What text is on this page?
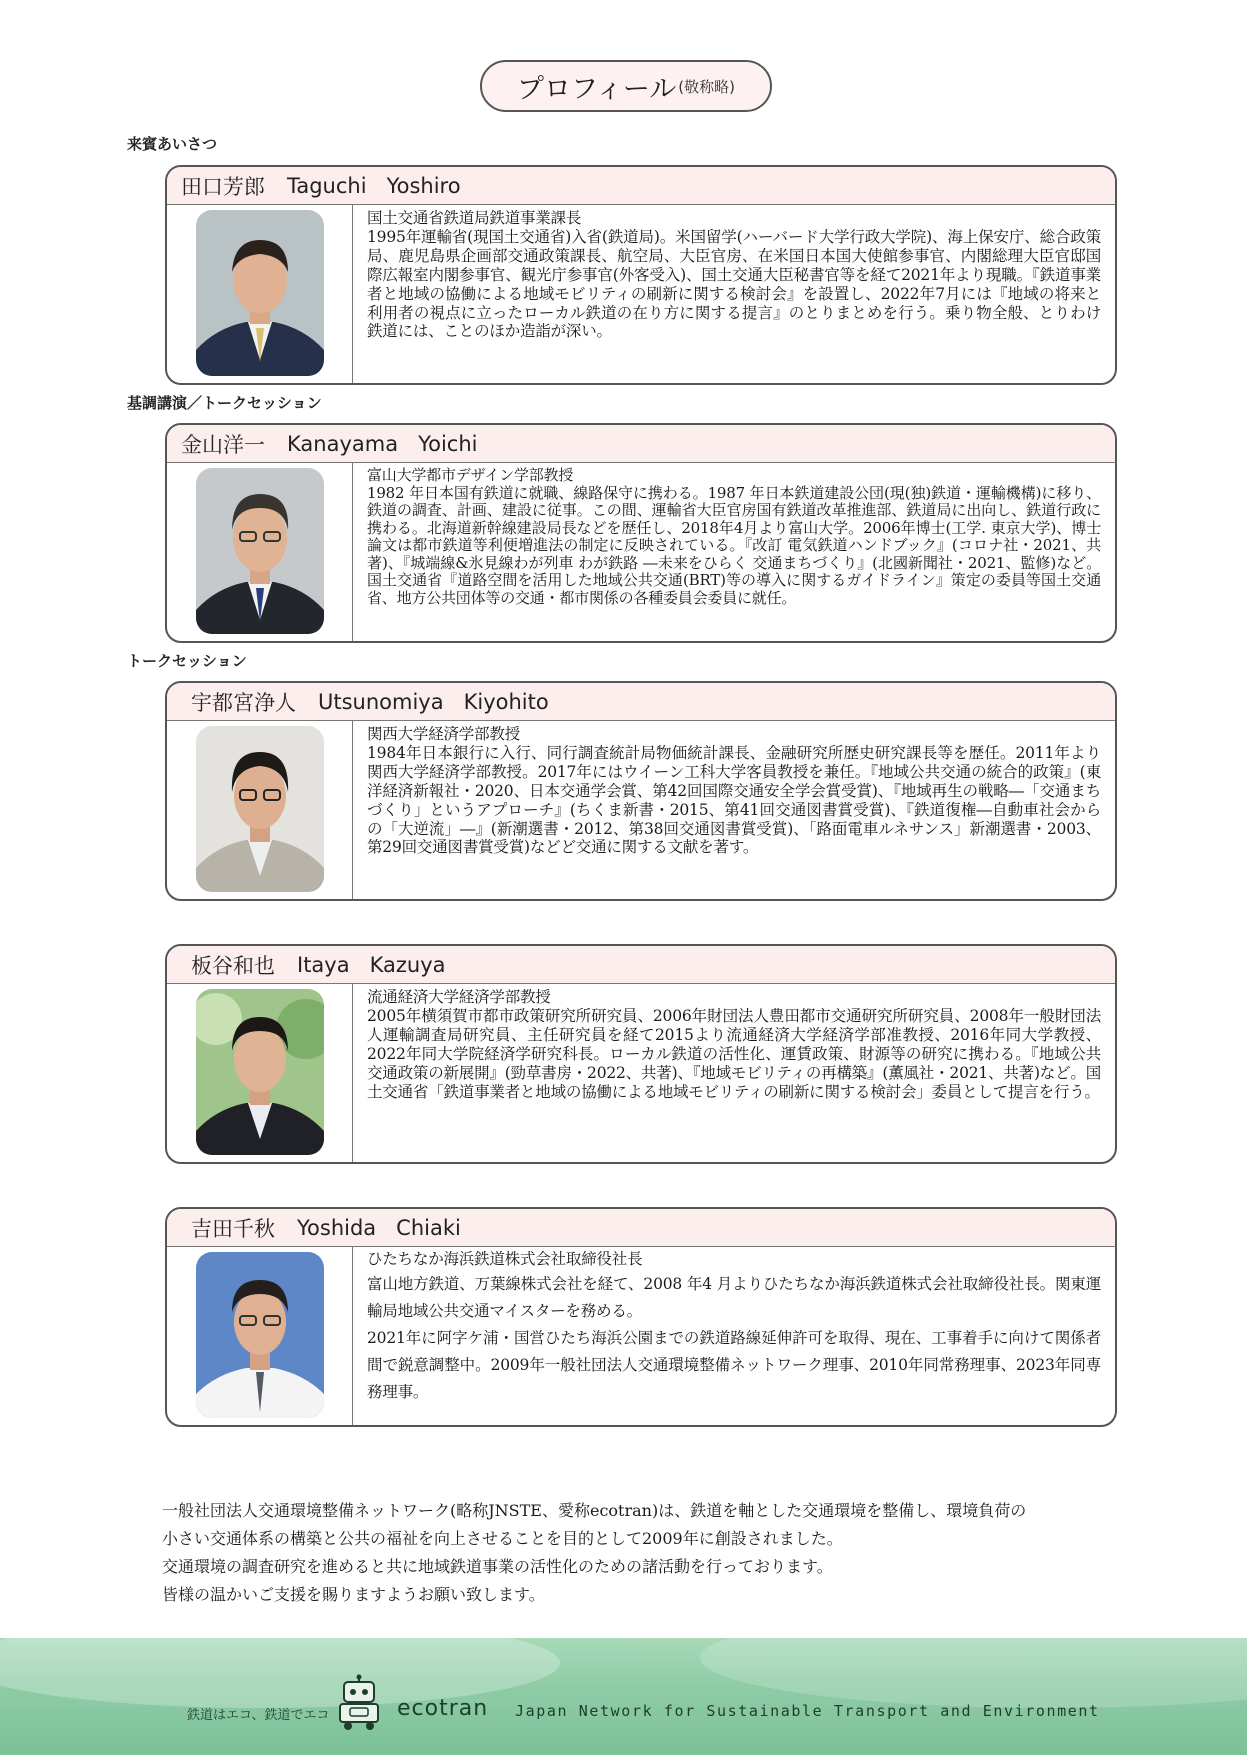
プロフィール (敬称略)
来賓あいさつ
田口芳郎 Taguchi Yoshiro
国土交通省鉄道局鉄道事業課長

1995年運輸省(現国土交通省)入省(鉄道局)。米国留学(ハーバード大学行政大学院)、海上保安庁、総合政策局、鹿児島県企画部交通政策課長、航空局、大臣官房、在米国日本国大使館参事官、内閣総理大臣官邸国際広報室内閣参事官、観光庁参事官(外客受入)、国土交通大臣秘書官等を経て2021年より現職。『鉄道事業者と地域の協働による地域モビリティの刷新に関する検討会』を設置し、2022年7月には『地域の将来と利用者の視点に立ったローカル鉄道の在り方に関する提言』のとりまとめを行う。乗り物全般、とりわけ鉄道には、ことのほか造詣が深い。

基調講演／トークセッション
金山洋一 Kanayama Yoichi
富山大学都市デザイン学部教授

1982 年日本国有鉄道に就職、線路保守に携わる。1987 年日本鉄道建設公団(現(独)鉄道・運輸機構)に移り、鉄道の調査、計画、建設に従事。この間、運輸省大臣官房国有鉄道改革推進部、鉄道局に出向し、鉄道行政に携わる。北海道新幹線建設局長などを歴任し、2018年4月より富山大学。2006年博士(工学. 東京大学)、博士論文は都市鉄道等利便増進法の制定に反映されている。『改訂 電気鉄道ハンドブック』(コロナ社・2021、共著)、『城端線&氷見線わが列車 わが鉄路 ―未来をひらく 交通まちづくり』(北國新聞社・2021、監修)など。国土交通省『道路空間を活用した地域公共交通(BRT)等の導入に関するガイドライン』策定の委員等国土交通省、地方公共団体等の交通・都市関係の各種委員会委員に就任。

トークセッション
宇都宮浄人 Utsunomiya Kiyohito
関西大学経済学部教授

1984年日本銀行に入行、同行調査統計局物価統計課長、金融研究所歴史研究課長等を歴任。2011年より関西大学経済学部教授。2017年にはウイーン工科大学客員教授を兼任。『地域公共交通の統合的政策』(東洋経済新報社・2020、日本交通学会賞、第42回国際交通安全学会賞受賞)、『地域再生の戦略―「交通まちづくり」というアプローチ』(ちくま新書・2015、第41回交通図書賞受賞)、『鉄道復権―自動車社会からの「大逆流」―』(新潮選書・2012、第38回交通図書賞受賞)、「路面電車ルネサンス」新潮選書・2003、第29回交通図書賞受賞)などど交通に関する文献を著す。

板谷和也 Itaya Kazuya
流通経済大学経済学部教授

2005年横須賀市都市政策研究所研究員、2006年財団法人豊田都市交通研究所研究員、2008年一般財団法人運輸調査局研究員、主任研究員を経て2015より流通経済大学経済学部准教授、2016年同大学教授、2022年同大学院経済学研究科長。ローカル鉄道の活性化、運賃政策、財源等の研究に携わる。『地域公共交通政策の新展開』(勁草書房・2022、共著)、『地域モビリティの再構築』(薫風社・2021、共著)など。国土交通省「鉄道事業者と地域の協働による地域モビリティの刷新に関する検討会」委員として提言を行う。

吉田千秋 Yoshida Chiaki
ひたちなか海浜鉄道株式会社取締役社長

富山地方鉄道、万葉線株式会社を経て、2008 年4 月よりひたちなか海浜鉄道株式会社取締役社長。関東運輸局地域公共交通マイスターを務める。

2021年に阿字ケ浦・国営ひたち海浜公園までの鉄道路線延伸許可を取得、現在、工事着手に向けて関係者間で鋭意調整中。2009年一般社団法人交通環境整備ネットワーク理事、2010年同常務理事、2023年同専務理事。

一般社団法人交通環境整備ネットワーク(略称JNSTE、愛称ecotran)は、鉄道を軸とした交通環境を整備し、環境負荷の
小さい交通体系の構築と公共の福祉を向上させることを目的として2009年に創設されました。
交通環境の調査研究を進めると共に地域鉄道事業の活性化のための諸活動を行っております。
皆様の温かいご支援を賜りますようお願い致します。
鉄道はエコ、鉄道でエコ	ecotran Japan Network for Sustainable Transport and Environment
